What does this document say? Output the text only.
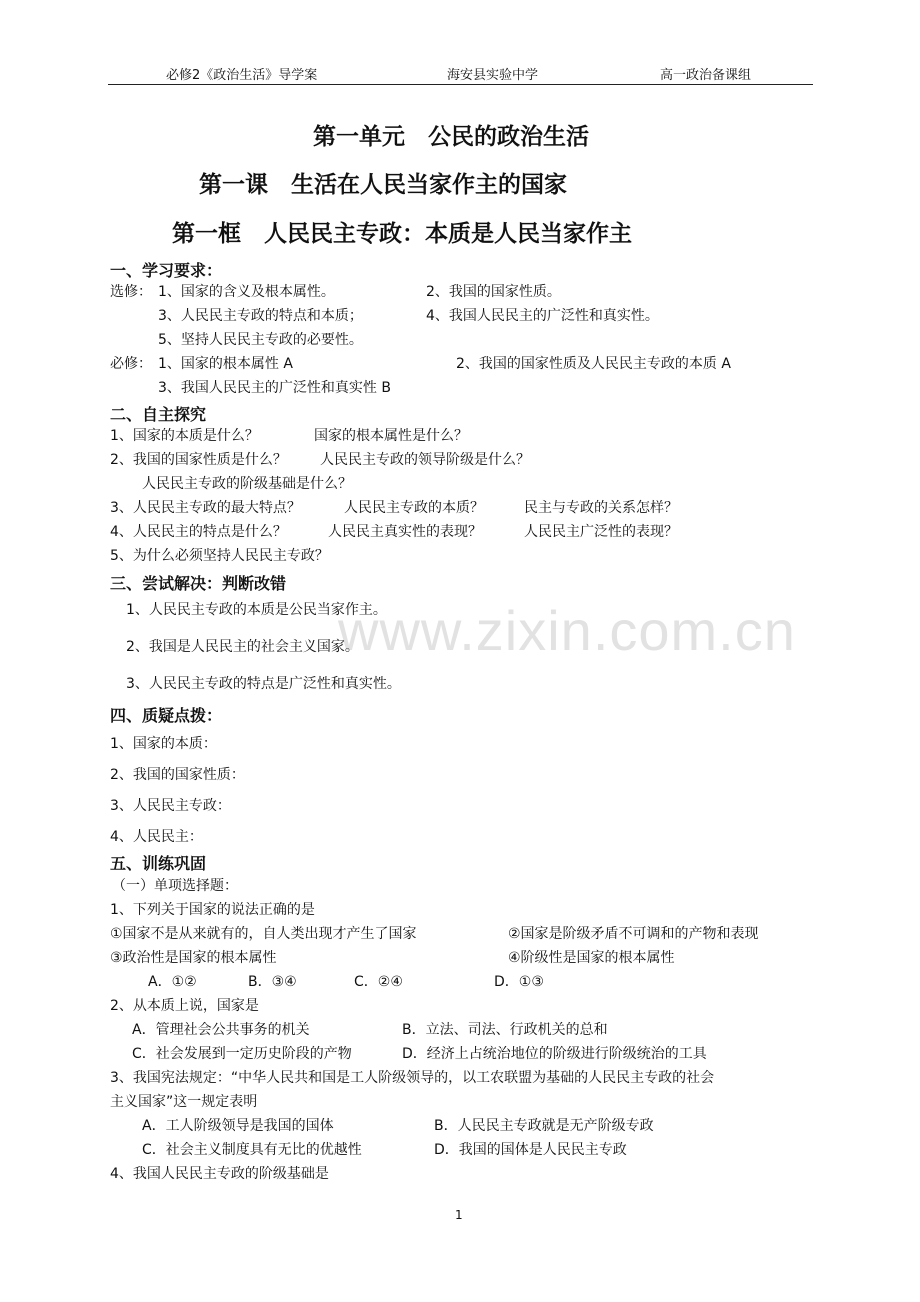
必修2《政治生活》导学案	海安县实验中学	高一政治备课组
第一单元　公民的政治生活
第一课　生活在人民当家作主的国家
第一框　人民民主专政：本质是人民当家作主
一、学习要求：
选修： 1、国家的含义及根本属性。	2、我国的国家性质。
3、人民民主专政的特点和本质；	4、我国人民民主的广泛性和真实性。
5、坚持人民民主专政的必要性。
必修： 1、国家的根本属性 A	2、我国的国家性质及人民民主专政的本质 A
3、我国人民民主的广泛性和真实性 B
二、自主探究
1、国家的本质是什么？	国家的根本属性是什么？
2、我国的国家性质是什么？ 人民民主专政的领导阶级是什么？
人民民主专政的阶级基础是什么？
3、人民民主专政的最大特点？	人民民主专政的本质？	民主与专政的关系怎样？
4、人民民主的特点是什么？	人民民主真实性的表现？	人民民主广泛性的表现？
5、为什么必须坚持人民民主专政？
三、尝试解决：判断改错
1、人民民主专政的本质是公民当家作主。
2、我国是人民民主的社会主义国家。
3、人民民主专政的特点是广泛性和真实性。
四、质疑点拨：
1、国家的本质：
2、我国的国家性质：
3、人民民主专政：
4、人民民主：
五、训练巩固
（一）单项选择题：
1、下列关于国家的说法正确的是
①国家不是从来就有的，自人类出现才产生了国家	②国家是阶级矛盾不可调和的产物和表现
③政治性是国家的根本属性	④阶级性是国家的根本属性
A．①②	B．③④	C．②④	D．①③
2、从本质上说，国家是
A．管理社会公共事务的机关	B．立法、司法、行政机关的总和
C．社会发展到一定历史阶段的产物	D．经济上占统治地位的阶级进行阶级统治的工具
3、我国宪法规定：“中华人民共和国是工人阶级领导的，以工农联盟为基础的人民民主专政的社会
主义国家”这一规定表明
A．工人阶级领导是我国的国体	B．人民民主专政就是无产阶级专政
C．社会主义制度具有无比的优越性	D．我国的国体是人民民主专政
4、我国人民民主专政的阶级基础是
www.zixin.com.cn
1
